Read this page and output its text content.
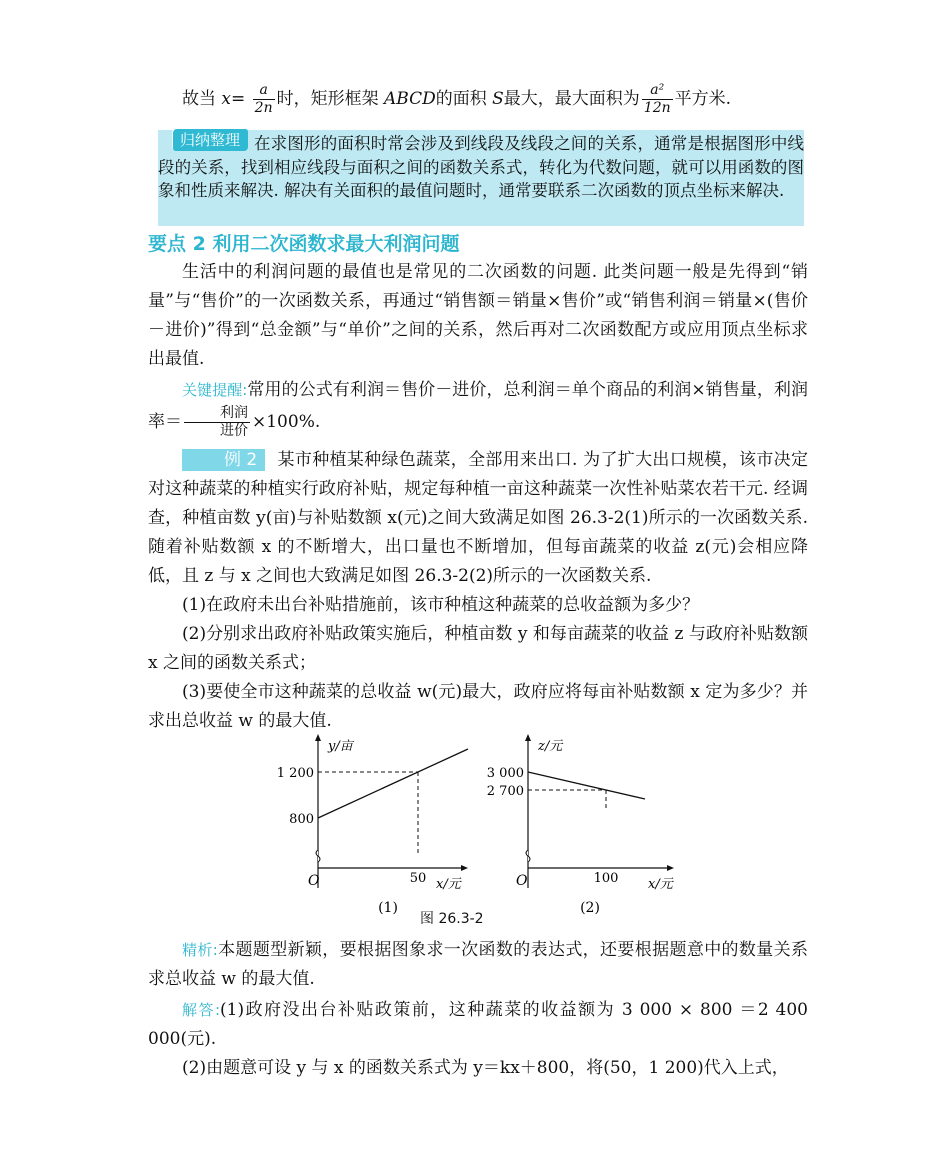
故当 $x= \frac{a}{2n}$ 时，矩形框架 ABCD的面积 S最大，最大面积为 $\frac{\text{a²}}{12n}$ 平方米.
在求图形的面积时常会涉及到线段及线段之间的关系，通常是根据图形中线段的关系，找到相应线段与面积之间的函数关系式，转化为代数问题，就可以用函数的图象和性质来解决. 解决有关面积的最值问题时，通常要联系二次函数的顶点坐标来解决.
归纳整理
要点 2 利用二次函数求最大利润问题

生活中的利润问题的最值也是常见的二次函数的问题. 此类问题一般是先得到“销量”与“售价”的一次函数关系，再通过“销售额＝销量×售价”或“销售利润＝销量×(售价－进价)”得到“总金额”与“单价”之间的关系，然后再对二次函数配方或应用顶点坐标求出最值.

关键提醒:常用的公式有利润＝售价－进价，总利润＝单个商品的利润×销售量，利润率＝ $\frac{\text{利润}}{\text{进价}} \times 100\%$.

例 2 某市种植某种绿色蔬菜，全部用来出口. 为了扩大出口规模，该市决定对这种蔬菜的种植实行政府补贴，规定每种植一亩这种蔬菜一次性补贴菜农若干元. 经调查，种植亩数 y(亩)与补贴数额 x(元)之间大致满足如图 26.3-2(1)所示的一次函数关系. 随着补贴数额 x 的不断增大，出口量也不断增加，但每亩蔬菜的收益 z(元)会相应降低，且 z 与 x 之间也大致满足如图 26.3-2(2)所示的一次函数关系.

(1)在政府未出台补贴措施前，该市种植这种蔬菜的总收益额为多少？

(2)分别求出政府补贴政策实施后，种植亩数 y 和每亩蔬菜的收益 z 与政府补贴数额 x 之间的函数关系式；

(3)要使全市这种蔬菜的总收益 w(元)最大，政府应将每亩补贴数额 x 定为多少？并求出总收益 w 的最大值.

y/亩
1 200
800
50
O	x/元
(1)
z/元
3 000
2 700
100
O	x/元
(2)
图 26.3-2

精析:本题题型新颖，要根据图象求一次函数的表达式，还要根据题意中的数量关系求总收益 w 的最大值.

解答:(1)政府没出台补贴政策前，这种蔬菜的收益额为 3 000 × 800 ＝2 400 000(元).

(2)由题意可设 y 与 x 的函数关系式为 y＝kx＋800，将(50，1 200)代入上式，
